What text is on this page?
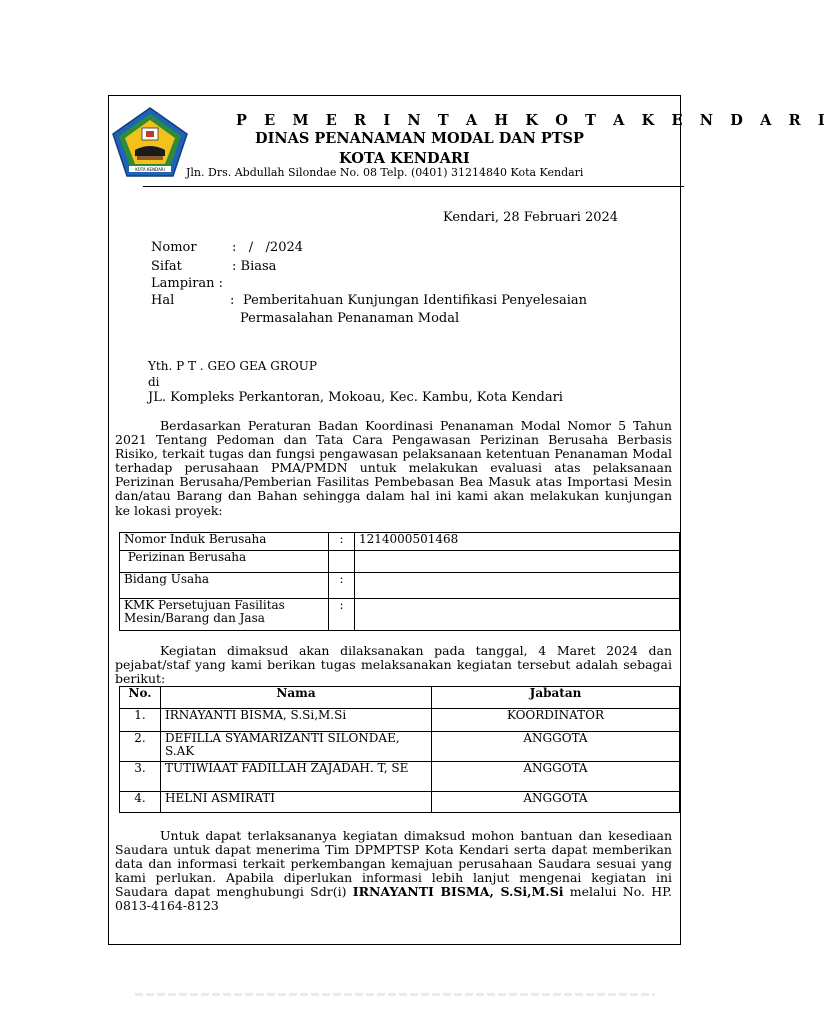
KOTA KENDARI
P E M E R I N T A H K O T A K E N D A R I
DINAS PENANAMAN MODAL DAN PTSP
KOTA KENDARI
Jln. Drs. Abdullah Silondae No. 08 Telp. (0401) 31214840 Kota Kendari
Kendari, 28 Februari 2024
Nomor	:   /   /2024
Sifat	: Biasa
Lampiran :
Hal	: Pemberitahuan Kunjungan Identifikasi Penyelesaian
Permasalahan Penanaman Modal
Yth. P T . GEO GEA GROUP
di
JL. Kompleks Perkantoran, Mokoau, Kec. Kambu, Kota Kendari
Berdasarkan Peraturan Badan Koordinasi Penanaman Modal Nomor 5 Tahun 2021 Tentang Pedoman dan Tata Cara Pengawasan Perizinan Berusaha Berbasis Risiko, terkait tugas dan fungsi pengawasan pelaksanaan ketentuan Penanaman Modal terhadap perusahaan PMA/PMDN untuk melakukan evaluasi atas pelaksanaan Perizinan Berusaha/Pemberian Fasilitas Pembebasan Bea Masuk atas Importasi Mesin dan/atau Barang dan Bahan sehingga dalam hal ini kami akan melakukan kunjungan ke lokasi proyek:
Nomor Induk Berusaha	:	1214000501468
Perizinan Berusaha		
Bidang Usaha	:	
KMK Persetujuan Fasilitas Mesin/Barang dan Jasa	:	
Kegiatan dimaksud akan dilaksanakan pada tanggal, 4 Maret 2024 dan pejabat/staf yang kami berikan tugas melaksanakan kegiatan tersebut adalah sebagai berikut:
No.	Nama	Jabatan
1.	IRNAYANTI BISMA, S.Si,M.Si	KOORDINATOR
2.	DEFILLA SYAMARIZANTI SILONDAE, S.AK	ANGGOTA
3.	TUTIWIAAT FADILLAH ZAJADAH. T, SE	ANGGOTA
4.	HELNI ASMIRATI	ANGGOTA
Untuk dapat terlaksananya kegiatan dimaksud mohon bantuan dan kesediaan Saudara untuk dapat menerima Tim DPMPTSP Kota Kendari serta dapat memberikan data dan informasi terkait perkembangan kemajuan perusahaan Saudara sesuai yang kami perlukan. Apabila diperlukan informasi lebih lanjut mengenai kegiatan ini Saudara dapat menghubungi Sdr(i) IRNAYANTI BISMA, S.Si,M.Si melalui No. HP. 0813-4164-8123
